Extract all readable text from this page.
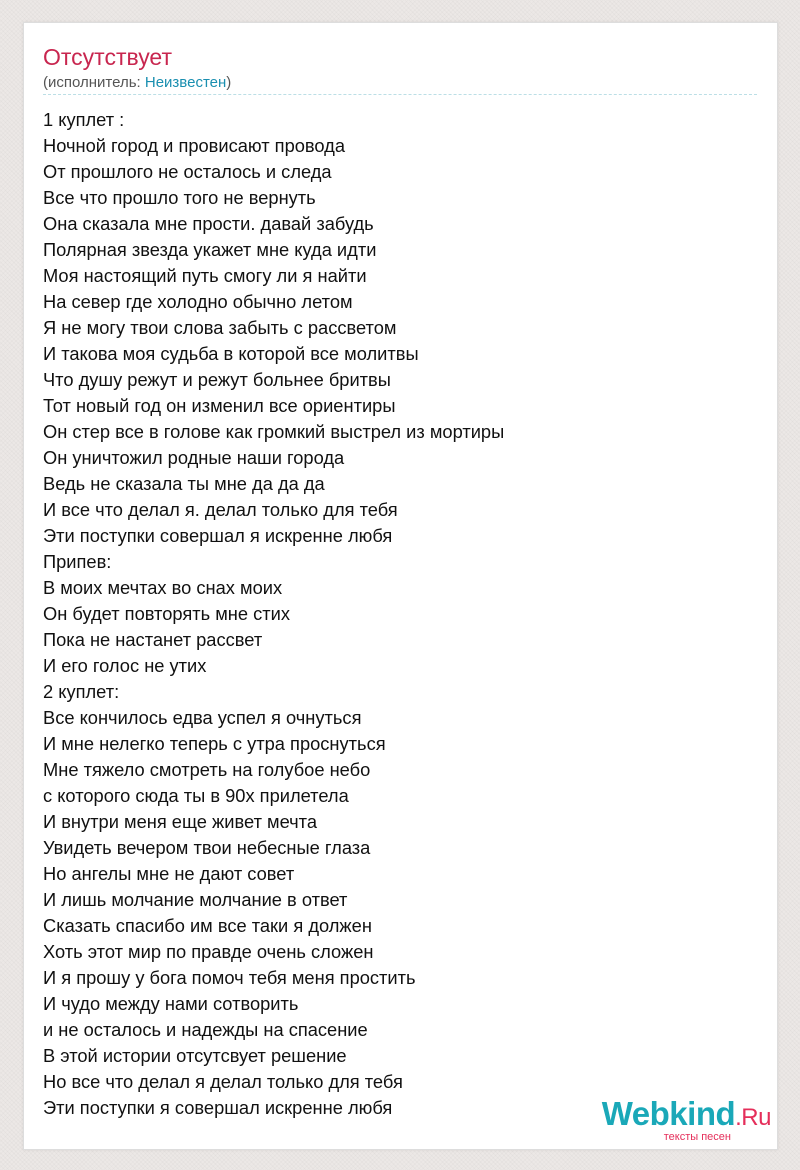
Отсутствует
(исполнитель: Неизвестен)
1 куплет :
Ночной город и провисают провода
От прошлого не осталось и следа
Все что прошло того не вернуть
Она сказала мне прости. давай забудь
Полярная звезда укажет мне куда идти
Моя настоящий путь смогу ли я найти
На север где холодно обычно летом
Я не могу твои слова забыть с рассветом
И такова моя судьба в которой все молитвы
Что душу режут и режут больнее бритвы
Тот новый год он изменил все ориентиры
Он стер все в голове как громкий выстрел из мортиры
Он уничтожил родные наши города
Ведь не сказала ты мне да да да
И все что делал я. делал только для тебя
Эти поступки совершал я искренне любя
Припев:
В моих мечтах во снах моих
Он будет повторять мне стих
Пока не настанет рассвет
И его голос не утих
2 куплет:
Все кончилось едва успел я очнуться
И мне нелегко теперь с утра проснуться
Мне тяжело смотреть на голубое небо
с которого сюда ты в 90х прилетела
И внутри меня еще живет мечта
Увидеть вечером твои небесные глаза
Но ангелы мне не дают совет
И лишь молчание молчание в ответ
Сказать спасибо им все таки я должен
Хоть этот мир по правде очень сложен
И я прошу у бога помоч тебя меня простить
И чудо между нами сотворить
и не осталось и надежды на спасение
В этой истории отсутсвует решение
Но все что делал я делал только для тебя
Эти поступки я совершал искренне любя	Webkind.Ru
тексты песен
